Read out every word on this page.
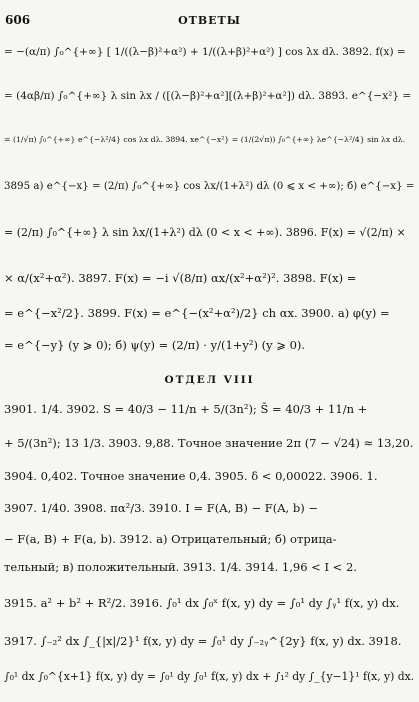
606	ОТВЕТЫ
= −(α/π) ∫₀^{+∞} [ 1/((λ−β)²+α²) + 1/((λ+β)²+α²) ] cos λx dλ. 3892. f(x) =
= (4αβ/π) ∫₀^{+∞} λ sin λx / ([(λ−β)²+α²][(λ+β)²+α²]) dλ. 3893. e^{−x²} =
= (1/√π) ∫₀^{+∞} e^{−λ²/4} cos λx dλ. 3894. xe^{−x²} = (1/(2√π)) ∫₀^{+∞} λe^{−λ²/4} sin λx dλ.
3895 а) e^{−x} = (2/π) ∫₀^{+∞} cos λx/(1+λ²) dλ (0 ⩽ x < +∞); б) e^{−x} =
= (2/π) ∫₀^{+∞} λ sin λx/(1+λ²) dλ (0 < x < +∞). 3896. F(x) = √(2/π) ×
× α/(x²+α²). 3897. F(x) = −i √(8/π) αx/(x²+α²)². 3898. F(x) =
= e^{−x²/2}. 3899. F(x) = e^{−(x²+α²)/2} ch αx. 3900. а) φ(y) =
= e^{−y} (y ⩾ 0); б) ψ(y) = (2/π) · y/(1+y²) (y ⩾ 0).
ОТДЕЛ VIII
3901. 1/4. 3902. S = 40/3 − 11/n + 5/(3n²); S̄ = 40/3 + 11/n +
+ 5/(3n²); 13 1/3. 3903. 9,88. Точное значение 2π (7 − √24) ≈ 13,20.
3904. 0,402. Точное значение 0,4. 3905. δ < 0,00022. 3906. 1.
3907. 1/40. 3908. πα²/3. 3910. I = F(A, B) − F(A, b) −
− F(a, B) + F(a, b). 3912. а) Отрицательный; б) отрица-
тельный; в) положительный. 3913. 1/4. 3914. 1,96 < I < 2.
3915. a² + b² + R²/2. 3916. ∫₀¹ dx ∫₀ˣ f(x, y) dy = ∫₀¹ dy ∫ᵧ¹ f(x, y) dx.
3917. ∫₋₂² dx ∫_{|x|/2}¹ f(x, y) dy = ∫₀¹ dy ∫₋₂ᵧ^{2y} f(x, y) dx. 3918.
∫₀¹ dx ∫₀^{x+1} f(x, y) dy = ∫₀¹ dy ∫₀¹ f(x, y) dx + ∫₁² dy ∫_{y−1}¹ f(x, y) dx.
